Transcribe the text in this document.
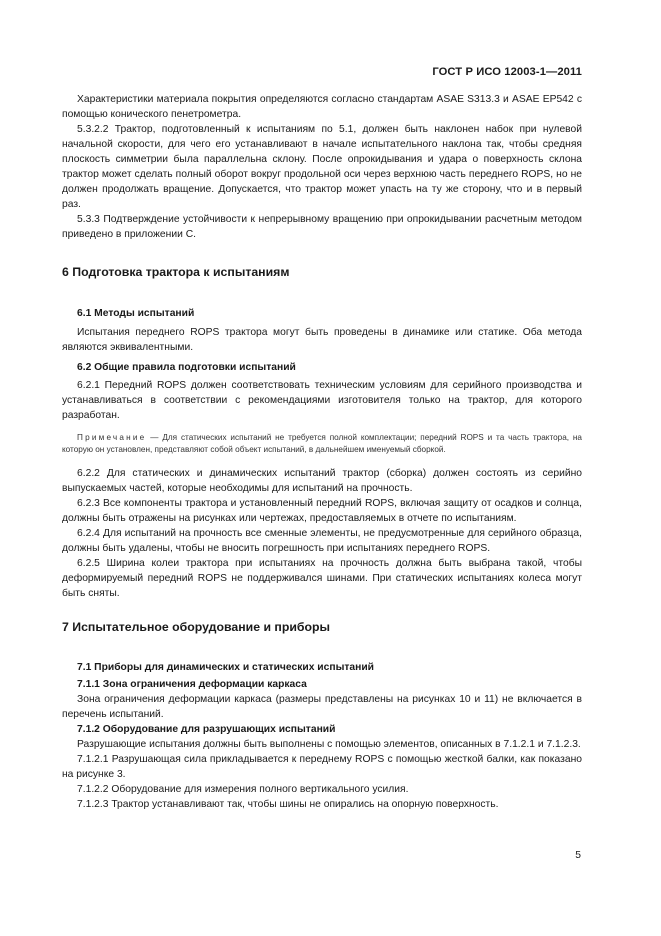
ГОСТ Р ИСО 12003-1—2011

Характеристики материала покрытия определяются согласно стандартам ASAE S313.3 и ASAE EP542 с помощью конического пенетрометра.

5.3.2.2 Трактор, подготовленный к испытаниям по 5.1, должен быть наклонен набок при нулевой начальной скорости, для чего его устанавливают в начале испытательного наклона так, чтобы средняя плоскость симметрии была параллельна склону. После опрокидывания и удара о поверхность склона трактор может сделать полный оборот вокруг продольной оси через верхнюю часть переднего ROPS, но не должен продолжать вращение. Допускается, что трактор может упасть на ту же сторону, что и в первый раз.

5.3.3 Подтверждение устойчивости к непрерывному вращению при опрокидывании расчетным методом приведено в приложении С.

6 Подготовка трактора к испытаниям

6.1 Методы испытаний

Испытания переднего ROPS трактора могут быть проведены в динамике или статике. Оба метода являются эквивалентными.

6.2 Общие правила подготовки испытаний

6.2.1 Передний ROPS должен соответствовать техническим условиям для серийного производства и устанавливаться в соответствии с рекомендациями изготовителя только на трактор, для которого разработан.

Примечание — Для статических испытаний не требуется полной комплектации; передний ROPS и та часть трактора, на которую он установлен, представляют собой объект испытаний, в дальнейшем именуемый сборкой.

6.2.2 Для статических и динамических испытаний трактор (сборка) должен состоять из серийно выпускаемых частей, которые необходимы для испытаний на прочность.

6.2.3 Все компоненты трактора и установленный передний ROPS, включая защиту от осадков и солнца, должны быть отражены на рисунках или чертежах, предоставляемых в отчете по испытаниям.

6.2.4 Для испытаний на прочность все сменные элементы, не предусмотренные для серийного образца, должны быть удалены, чтобы не вносить погрешность при испытаниях переднего ROPS.

6.2.5 Ширина колеи трактора при испытаниях на прочность должна быть выбрана такой, чтобы деформируемый передний ROPS не поддерживался шинами. При статических испытаниях колеса могут быть сняты.

7 Испытательное оборудование и приборы

7.1 Приборы для динамических и статических испытаний

7.1.1 Зона ограничения деформации каркаса

Зона ограничения деформации каркаса (размеры представлены на рисунках 10 и 11) не включается в перечень испытаний.

7.1.2 Оборудование для разрушающих испытаний

Разрушающие испытания должны быть выполнены с помощью элементов, описанных в 7.1.2.1 и 7.1.2.3.

7.1.2.1 Разрушающая сила прикладывается к переднему ROPS с помощью жесткой балки, как показано на рисунке 3.

7.1.2.2 Оборудование для измерения полного вертикального усилия.

7.1.2.3 Трактор устанавливают так, чтобы шины не опирались на опорную поверхность.

5
